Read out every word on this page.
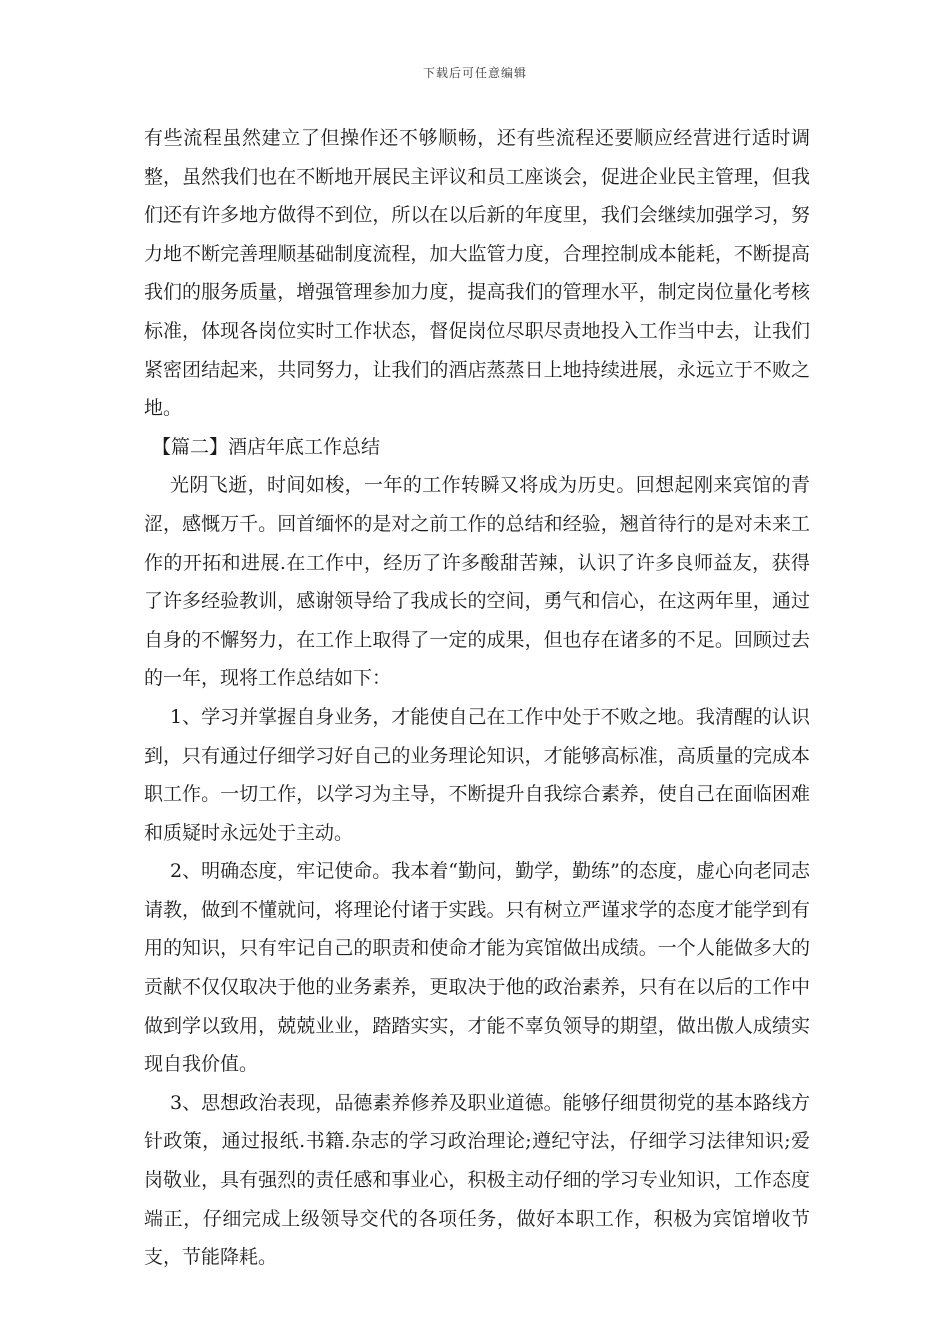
下载后可任意编辑

有些流程虽然建立了但操作还不够顺畅，还有些流程还要顺应经营进行适时调整，虽然我们也在不断地开展民主评议和员工座谈会，促进企业民主管理，但我们还有许多地方做得不到位，所以在以后新的年度里，我们会继续加强学习，努力地不断完善理顺基础制度流程，加大监管力度，合理控制成本能耗，不断提高我们的服务质量，增强管理参加力度，提高我们的管理水平，制定岗位量化考核标准，体现各岗位实时工作状态，督促岗位尽职尽责地投入工作当中去，让我们紧密团结起来，共同努力，让我们的酒店蒸蒸日上地持续进展，永远立于不败之地。

【篇二】酒店年底工作总结

光阴飞逝，时间如梭，一年的工作转瞬又将成为历史。回想起刚来宾馆的青涩，感慨万千。回首缅怀的是对之前工作的总结和经验，翘首待行的是对未来工作的开拓和进展.在工作中，经历了许多酸甜苦辣，认识了许多良师益友，获得了许多经验教训，感谢领导给了我成长的空间，勇气和信心，在这两年里，通过自身的不懈努力，在工作上取得了一定的成果，但也存在诸多的不足。回顾过去的一年，现将工作总结如下：

1、学习并掌握自身业务，才能使自己在工作中处于不败之地。我清醒的认识到，只有通过仔细学习好自己的业务理论知识，才能够高标准，高质量的完成本职工作。一切工作，以学习为主导，不断提升自我综合素养，使自己在面临困难和质疑时永远处于主动。

2、明确态度，牢记使命。我本着“勤问，勤学，勤练”的态度，虚心向老同志请教，做到不懂就问，将理论付诸于实践。只有树立严谨求学的态度才能学到有用的知识，只有牢记自己的职责和使命才能为宾馆做出成绩。一个人能做多大的贡献不仅仅取决于他的业务素养，更取决于他的政治素养，只有在以后的工作中做到学以致用，兢兢业业，踏踏实实，才能不辜负领导的期望，做出傲人成绩实现自我价值。

3、思想政治表现，品德素养修养及职业道德。能够仔细贯彻党的基本路线方针政策，通过报纸.书籍.杂志的学习政治理论;遵纪守法，仔细学习法律知识;爱岗敬业，具有强烈的责任感和事业心，积极主动仔细的学习专业知识，工作态度端正，仔细完成上级领导交代的各项任务，做好本职工作，积极为宾馆增收节支，节能降耗。
